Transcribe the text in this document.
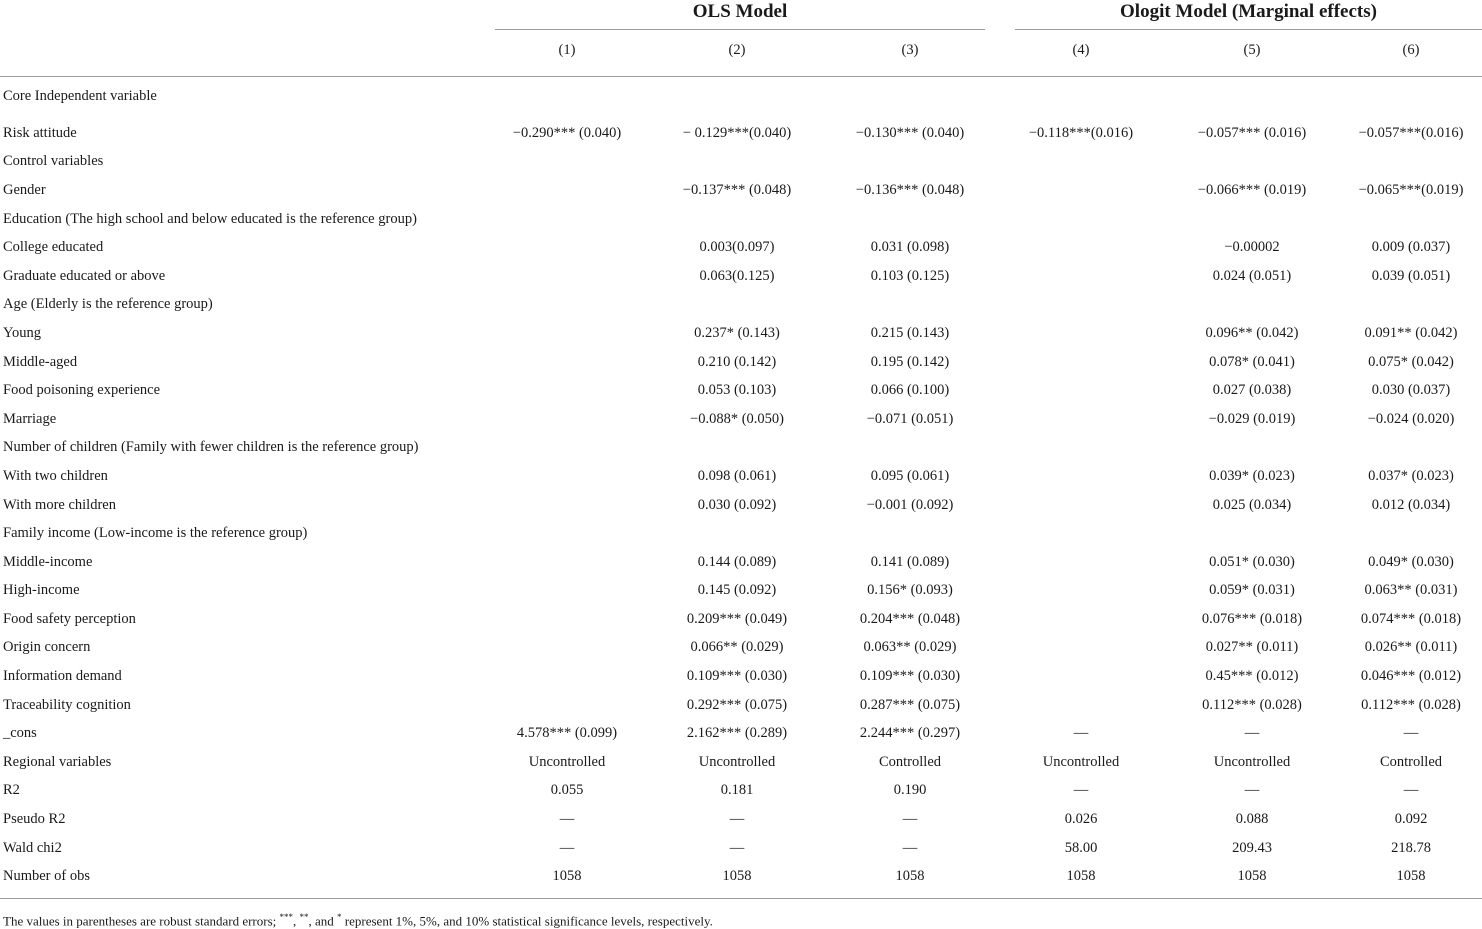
OLS Model	Ologit Model (Marginal effects)
	(1)	(2)	(3)	(4)	(5)	(6)
Core Independent variable						
Risk attitude	−0.290*** (0.040)	− 0.129***(0.040)	−0.130*** (0.040)	−0.118***(0.016)	−0.057*** (0.016)	−0.057***(0.016)
Control variables						
Gender		−0.137*** (0.048)	−0.136*** (0.048)		−0.066*** (0.019)	−0.065***(0.019)
Education (The high school and below educated is the reference group)						
College educated		0.003(0.097)	0.031 (0.098)		−0.00002	0.009 (0.037)
Graduate educated or above		0.063(0.125)	0.103 (0.125)		0.024 (0.051)	0.039 (0.051)
Age (Elderly is the reference group)						
Young		0.237* (0.143)	0.215 (0.143)		0.096** (0.042)	0.091** (0.042)
Middle-aged		0.210 (0.142)	0.195 (0.142)		0.078* (0.041)	0.075* (0.042)
Food poisoning experience		0.053 (0.103)	0.066 (0.100)		0.027 (0.038)	0.030 (0.037)
Marriage		−0.088* (0.050)	−0.071 (0.051)		−0.029 (0.019)	−0.024 (0.020)
Number of children (Family with fewer children is the reference group)						
With two children		0.098 (0.061)	0.095 (0.061)		0.039* (0.023)	0.037* (0.023)
With more children		0.030 (0.092)	−0.001 (0.092)		0.025 (0.034)	0.012 (0.034)
Family income (Low-income is the reference group)						
Middle-income		0.144 (0.089)	0.141 (0.089)		0.051* (0.030)	0.049* (0.030)
High-income		0.145 (0.092)	0.156* (0.093)		0.059* (0.031)	0.063** (0.031)
Food safety perception		0.209*** (0.049)	0.204*** (0.048)		0.076*** (0.018)	0.074*** (0.018)
Origin concern		0.066** (0.029)	0.063** (0.029)		0.027** (0.011)	0.026** (0.011)
Information demand		0.109*** (0.030)	0.109*** (0.030)		0.45*** (0.012)	0.046*** (0.012)
Traceability cognition		0.292*** (0.075)	0.287*** (0.075)		0.112*** (0.028)	0.112*** (0.028)
_cons	4.578*** (0.099)	2.162*** (0.289)	2.244*** (0.297)	—	—	—
Regional variables	Uncontrolled	Uncontrolled	Controlled	Uncontrolled	Uncontrolled	Controlled
R2	0.055	0.181	0.190	—	—	—
Pseudo R2	—	—	—	0.026	0.088	0.092
Wald chi2	—	—	—	58.00	209.43	218.78
Number of obs	1058	1058	1058	1058	1058	1058
The values in parentheses are robust standard errors; ***, **, and * represent 1%, 5%, and 10% statistical significance levels, respectively.
